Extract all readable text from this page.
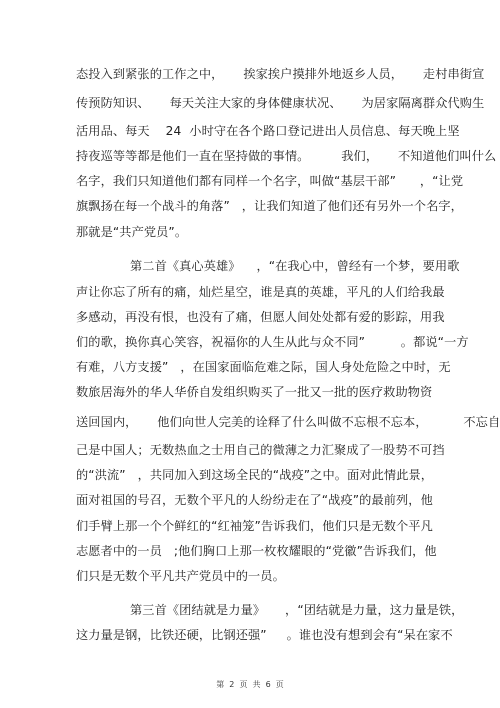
态投入到紧张的工作之中，     挨家挨户摸排外地返乡人员，     走村串街宣
传预防知识、     每天关注大家的身体健康状况、     为居家隔离群众代购生
活用品、每天    24  小时守在各个路口登记进出人员信息、每天晚上坚
持夜巡等等都是他们一直在坚持做的事情。        我们，     不知道他们叫什么
名字，我们只知道他们都有同样一个名字，叫做“基层干部”      ，“让党
旗飘扬在每一个战斗的角落”   ，让我们知道了他们还有另外一个名字，
那就是“共产党员”。
第二首《真心英雄》    ，“在我心中，曾经有一个梦，要用歌
声让你忘了所有的痛，灿烂星空，谁是真的英雄，平凡的人们给我最
多感动，再没有恨，也没有了痛，但愿人间处处都有爱的影踪，用我
们的歌，换你真心笑容，祝福你的人生从此与众不同”         。都说“一方
有难，八方支援”   ，在国家面临危难之际，国人身处危险之中时，无
数旅居海外的华人华侨自发组织购买了一批又一批的医疗救助物资
送回国内，     他们向世人完美的诠释了什么叫做不忘根不忘本，         不忘自
己是中国人；无数热血之士用自己的微薄之力汇聚成了一股势不可挡
的“洪流”   ，共同加入到这场全民的“战疫”之中。面对此情此景，
面对祖国的号召，无数个平凡的人纷纷走在了“战疫”的最前列，他
们手臂上那一个个鲜红的“红袖笼”告诉我们，他们只是无数个平凡
志愿者中的一员   ;他们胸口上那一枚枚耀眼的“党徽”告诉我们，他
们只是无数个平凡共产党员中的一员。
第三首《团结就是力量》     ，“团结就是力量，这力量是铁，
这力量是钢，比铁还硬，比钢还强”     。谁也没有想到会有“呆在家不
第  2  页  共  6  页
